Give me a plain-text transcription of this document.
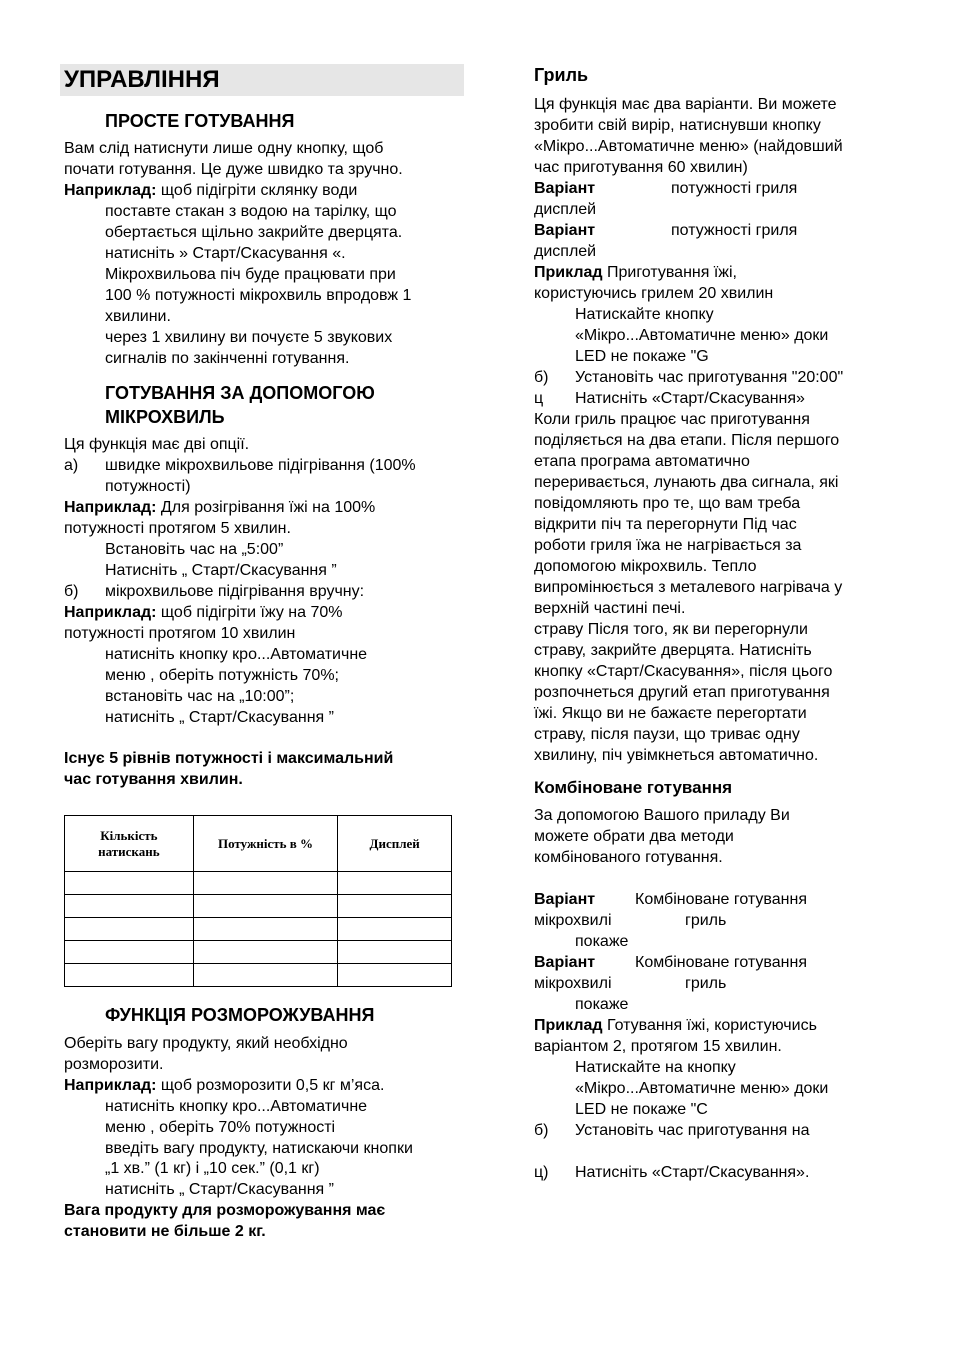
УПРАВЛІННЯ
ПРОСТЕ ГОТУВАННЯ
Вам слід натиснути лише одну кнопку, щоб
почати готування. Це дуже швидко та зручно.
Наприклад: щоб підігріти склянку води
поставте стакан з водою на тарілку, що
обертається щільно закрийте дверцята.
натисніть » Старт/Скасування «.
Мікрохвильова піч буде працювати при
100 % потужності мікрохвиль впродовж 1
хвилини.
через 1 хвилину ви почуєте 5 звукових
сигналів по закінченні готування.
ГОТУВАННЯ ЗА ДОПОМОГОЮ
МІКРОХВИЛЬ
Ця функція має дві опції.
а) швидке мікрохвильове підігрівання (100%
потужності)
Наприклад: Для розігрівання їжі на 100%
потужності протягом 5 хвилин.
Встановіть час на „5:00”
Натисніть „ Старт/Скасування ”
б) мікрохвильове підігрівання вручну:
Наприклад: щоб підігріти їжу на 70%
потужності протягом 10 хвилин
натисніть кнопку кро...Автоматичне
меню , оберіть потужність 70%;
встановіть час на „10:00”;
натисніть „ Старт/Скасування ”
Існує 5 рівнів потужності і максимальний
час готування хвилин.
Кількість натискань	Потужність в %	Дисплей

ФУНКЦІЯ РОЗМОРОЖУВАННЯ
Оберіть вагу продукту, який необхідно
розморозити.
Наприклад: щоб розморозити 0,5 кг м’яса.
натисніть кнопку кро...Автоматичне
меню , оберіть 70% потужності
введіть вагу продукту, натискаючи кнопки
„1 хв.” (1 кг) і „10 сек.” (0,1 кг)
натисніть „ Старт/Скасування ”
Вага продукту для розморожування має
становити не більше 2 кг.
Гриль
Ця функція має два варіанти. Ви можете
зробити свій вирір, натиснувши кнопку
«Мікро...Автоматичне меню» (найдовший
час приготування 60 хвилин)
Варіант	потужності гриля
дисплей
Варіант	потужності гриля
дисплей
Приклад Приготування їжі,
користуючись грилем 20 хвилин
Натискайте кнопку
«Мікро...Автоматичне меню» доки
LED не покаже "G
б) Установіть час приготування "20:00"
ц Натисніть «Старт/Скасування»
Коли гриль працює час приготування
поділяється на два етапи. Після першого
етапа програма автоматично
переривається, лунають два сигнала, які
повідомляють про те, що вам треба
відкрити піч та перегорнути Під час
роботи гриля їжа не нагрівається за
допомогою мікрохвиль. Тепло
випромінюється з металевого нагрівача у
верхній частині печі.
страву Після того, як ви перегорнули
страву, закрийте дверцята. Натисніть
кнопку «Старт/Скасування», після цього
розпочнеться другий етап приготування
їжі. Якщо ви не бажаєте перегортати
страву, після паузи, що триває одну
хвилину, піч увімкнеться автоматично.
Комбіноване готування
За допомогою Вашого приладу Ви
можете обрати два методи
комбінованого готування.
Варіант Комбіноване готування
мікрохвилі	гриль
покаже
Варіант Комбіноване готування
мікрохвилі	гриль
покаже
Приклад Готування їжі, користуючись
варіантом 2, протягом 15 хвилин.
Натискайте на кнопку
«Мікро...Автоматичне меню» доки
LED не покаже "C
б) Установіть час приготування на
ц) Натисніть «Старт/Скасування».
